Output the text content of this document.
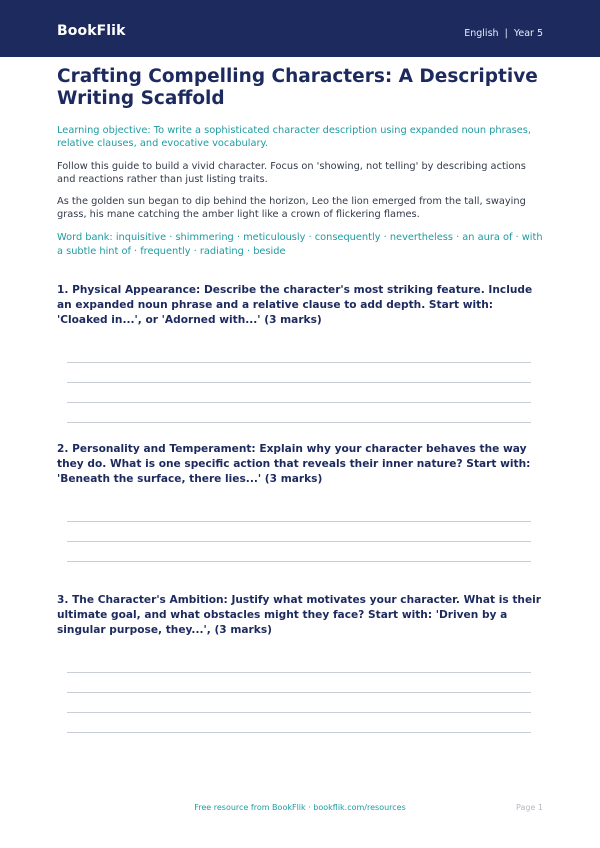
BookFlik	English  |  Year 5
Crafting Compelling Characters: A Descriptive Writing Scaffold

Learning objective: To write a sophisticated character description using expanded noun phrases, relative clauses, and evocative vocabulary.

Follow this guide to build a vivid character. Focus on 'showing, not telling' by describing actions and reactions rather than just listing traits.

As the golden sun began to dip behind the horizon, Leo the lion emerged from the tall, swaying grass, his mane catching the amber light like a crown of flickering flames.

Word bank: inquisitive · shimmering · meticulously · consequently · nevertheless · an aura of · with a subtle hint of · frequently · radiating · beside

1. Physical Appearance: Describe the character's most striking feature. Include an expanded noun phrase and a relative clause to add depth. Start with: 'Cloaked in...', or 'Adorned with...' (3 marks)

2. Personality and Temperament: Explain why your character behaves the way they do. What is one specific action that reveals their inner nature? Start with: 'Beneath the surface, there lies...' (3 marks)

3. The Character's Ambition: Justify what motivates your character. What is their ultimate goal, and what obstacles might they face? Start with: 'Driven by a singular purpose, they...', (3 marks)

Free resource from BookFlik · bookflik.com/resources	Page 1
